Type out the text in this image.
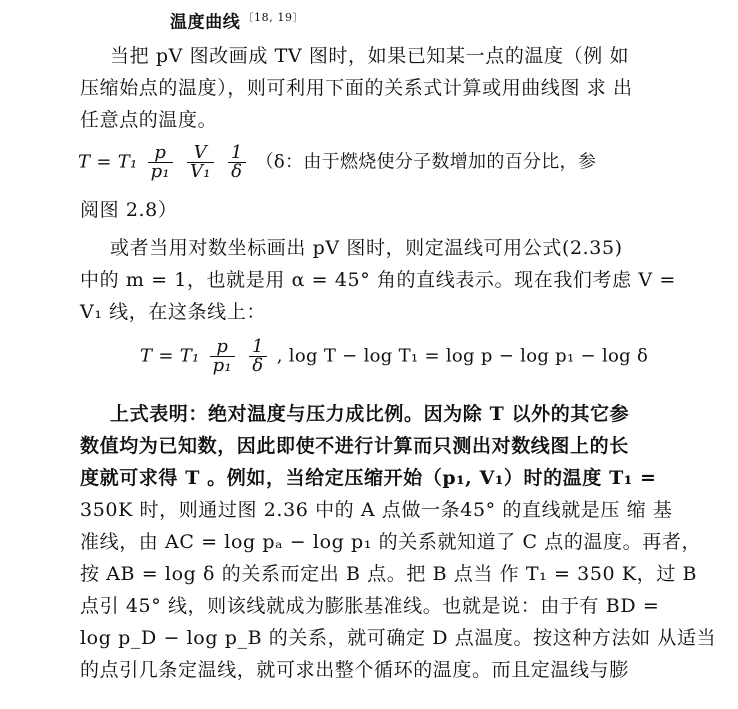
温度曲线 $^{〔18, 19〕}$
当把 pV 图改画成 TV 图时，如果已知某一点的温度（例 如
压缩始点的温度），则可利用下面的关系式计算或用曲线图 求 出
任意点的温度。
$T = T_1 \frac{p}{\text{p₁}}$
$\frac{V}{\text{V₁}}$
$\frac{1}{\delta} (\delta$：由于燃烧使分子数增加的百分比，参
阅图 2.8）
或者当用对数坐标画出 pV 图时，则定温线可用公式(2.35)
中的 m = 1，也就是用 α = 45° 角的直线表示。现在我们考虑 V =
V₁ 线，在这条线上：
$T = T_1 \frac{p}{\text{p₁}}$
$\frac{1}{\delta}$ , log T − log T₁ = log p − log p₁ − log δ
上式表明：绝对温度与压力成比例。因为除 T 以外的其它参
数值均为已知数，因此即使不进行计算而只测出对数线图上的长
度就可求得 T 。例如，当给定压缩开始（p₁, V₁）时的温度 T₁ =
350K 时，则通过图 2.36 中的 A 点做一条45° 的直线就是压 缩 基
准线，由 AC = log pₐ − log p₁ 的关系就知道了 C 点的温度。再者，
按 AB = log δ 的关系而定出 B 点。把 B 点当 作 T₁ = 350 K，过 B
点引 45° 线，则该线就成为膨胀基准线。也就是说：由于有 BD =
log p_D − log p_B 的关系，就可确定 D 点温度。按这种方法如 从适当
的点引几条定温线，就可求出整个循环的温度。而且定温线与膨
